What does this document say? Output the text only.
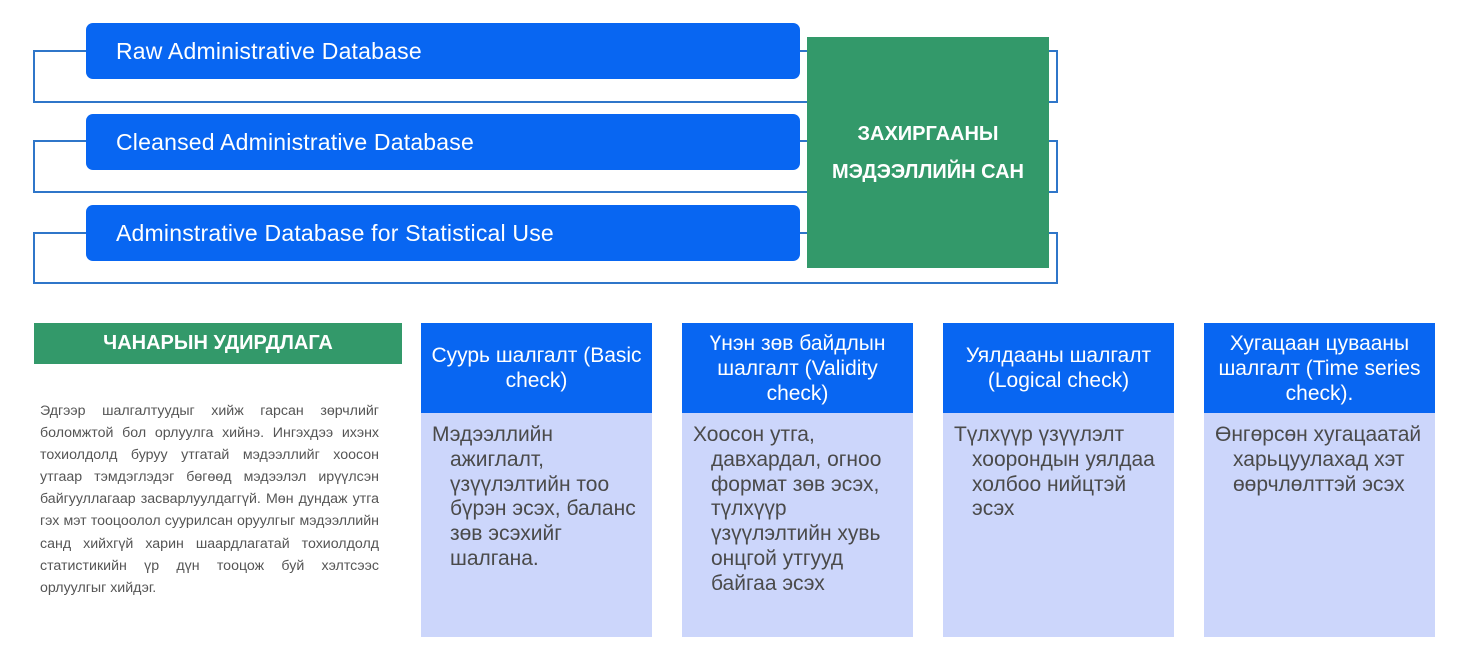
Raw Administrative Database
Cleansed Administrative Database
Adminstrative Database for Statistical Use
ЗАХИРГААНЫ
МЭДЭЭЛЛИЙН САН
ЧАНАРЫН УДИРДЛАГА

Эдгээр шалгалтуудыг хийж гарсан зөрчлийг боломжтой бол орлуулга хийнэ. Ингэхдээ ихэнх тохиолдолд буруу утгатай мэдээллийг хоосон утгаар тэмдэглэдэг бөгөөд мэдээлэл ирүүлсэн байгууллагаар засварлуулдаггүй. Мөн дундаж утга гэх мэт тооцоолол суурилсан оруулгыг мэдээллийн санд хийхгүй харин шаардлагатай тохиолдолд статистикийн үр дүн тооцож буй хэлтсээс орлуулгыг хийдэг.

Суурь шалгалт (Basic check)
Мэдээллийн ажиглалт, үзүүлэлтийн тоо бүрэн эсэх, баланс зөв эсэхийг шалгана.
Үнэн зөв байдлын шалгалт (Validity check)
Хоосон утга, давхардал, огноо формат зөв эсэх, түлхүүр үзүүлэлтийн хувь онцгой утгууд байгаа эсэх
Уялдааны шалгалт (Logical check)
Түлхүүр үзүүлэлт хоорондын уялдаа холбоо нийцтэй эсэх
Хугацаан цувааны шалгалт (Time series check).
Өнгөрсөн хугацаатай харьцуулахад хэт өөрчлөлттэй эсэх
